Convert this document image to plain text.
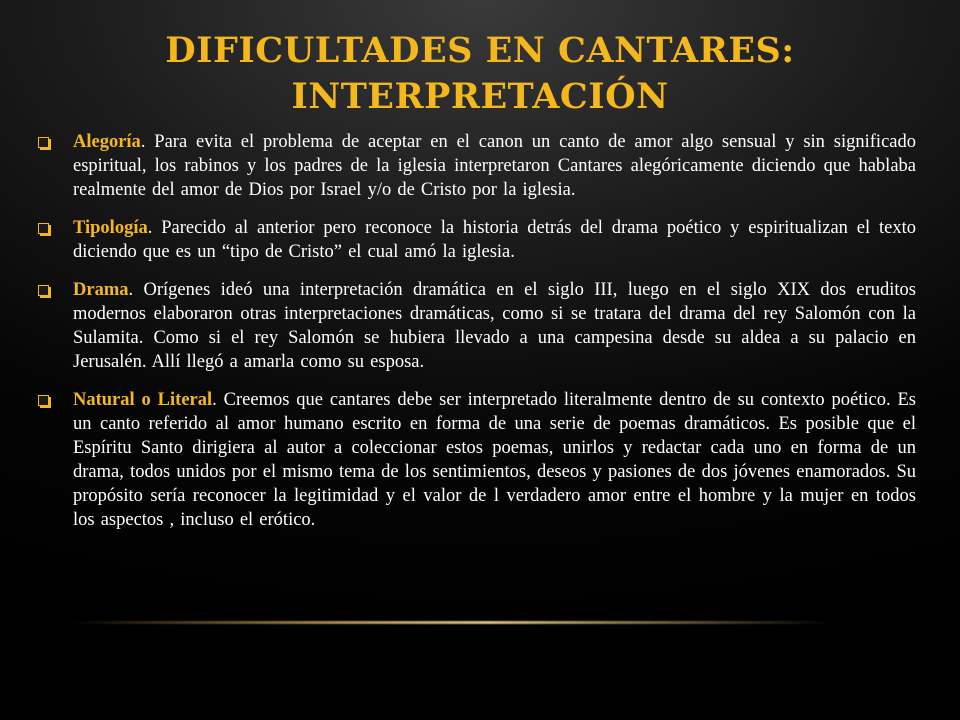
DIFICULTADES EN CANTARES:
INTERPRETACIÓN
Alegoría. Para evita el problema de aceptar en el canon un canto de amor algo sensual y sin significado espiritual, los rabinos y los padres de la iglesia interpretaron Cantares alegóricamente diciendo que hablaba realmente del amor de Dios por Israel y/o de Cristo por la iglesia.
Tipología. Parecido al anterior pero reconoce la historia detrás del drama poético y espiritualizan el texto diciendo que es un “tipo de Cristo” el cual amó la iglesia.
Drama. Orígenes ideó una interpretación dramática en el siglo III, luego en el siglo XIX dos eruditos modernos elaboraron otras interpretaciones dramáticas, como si se tratara del drama del rey Salomón con la Sulamita. Como si el rey Salomón se hubiera llevado a una campesina desde su aldea a su palacio en Jerusalén. Allí llegó a amarla como su esposa.
Natural o Literal. Creemos que cantares debe ser interpretado literalmente dentro de su contexto poético. Es un canto referido al amor humano escrito en forma de una serie de poemas dramáticos. Es posible que el Espíritu Santo dirigiera al autor a coleccionar estos poemas, unirlos y redactar cada uno en forma de un drama, todos unidos por el mismo tema de los sentimientos, deseos y pasiones de dos jóvenes enamorados. Su propósito sería reconocer la legitimidad y el valor de l verdadero amor entre el hombre y la mujer en todos los aspectos , incluso el erótico.
